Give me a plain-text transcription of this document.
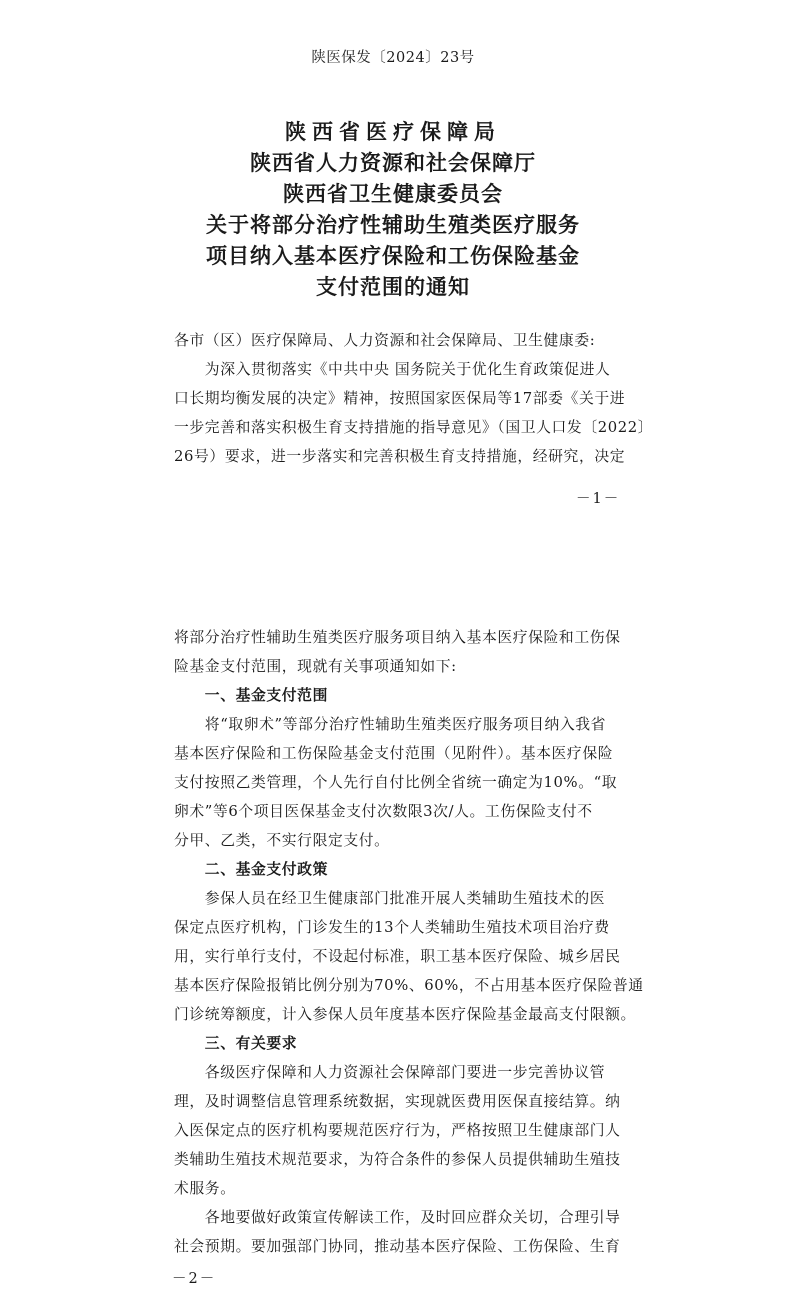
陕医保发〔2024〕23号
陕西省医疗保障局
陕西省人力资源和社会保障厅
陕西省卫生健康委员会
关于将部分治疗性辅助生殖类医疗服务
项目纳入基本医疗保险和工伤保险基金
支付范围的通知
各市（区）医疗保障局、人力资源和社会保障局、卫生健康委:
　　为深入贯彻落实《中共中央 国务院关于优化生育政策促进人
口长期均衡发展的决定》精神，按照国家医保局等17部委《关于进
一步完善和落实积极生育支持措施的指导意见》（国卫人口发〔2022〕
26号）要求，进一步落实和完善积极生育支持措施，经研究，决定
－1－
将部分治疗性辅助生殖类医疗服务项目纳入基本医疗保险和工伤保
险基金支付范围，现就有关事项通知如下:
　　一、基金支付范围
　　将“取卵术”等部分治疗性辅助生殖类医疗服务项目纳入我省
基本医疗保险和工伤保险基金支付范围（见附件）。基本医疗保险
支付按照乙类管理，个人先行自付比例全省统一确定为10%。“取
卵术”等6个项目医保基金支付次数限3次/人。工伤保险支付不
分甲、乙类，不实行限定支付。
　　二、基金支付政策
　　参保人员在经卫生健康部门批准开展人类辅助生殖技术的医
保定点医疗机构，门诊发生的13个人类辅助生殖技术项目治疗费
用，实行单行支付，不设起付标准，职工基本医疗保险、城乡居民
基本医疗保险报销比例分别为70%、60%，不占用基本医疗保险普通
门诊统筹额度，计入参保人员年度基本医疗保险基金最高支付限额。
　　三、有关要求
　　各级医疗保障和人力资源社会保障部门要进一步完善协议管
理，及时调整信息管理系统数据，实现就医费用医保直接结算。纳
入医保定点的医疗机构要规范医疗行为，严格按照卫生健康部门人
类辅助生殖技术规范要求，为符合条件的参保人员提供辅助生殖技
术服务。
　　各地要做好政策宣传解读工作，及时回应群众关切，合理引导
社会预期。要加强部门协同，推动基本医疗保险、工伤保险、生育
－2－
